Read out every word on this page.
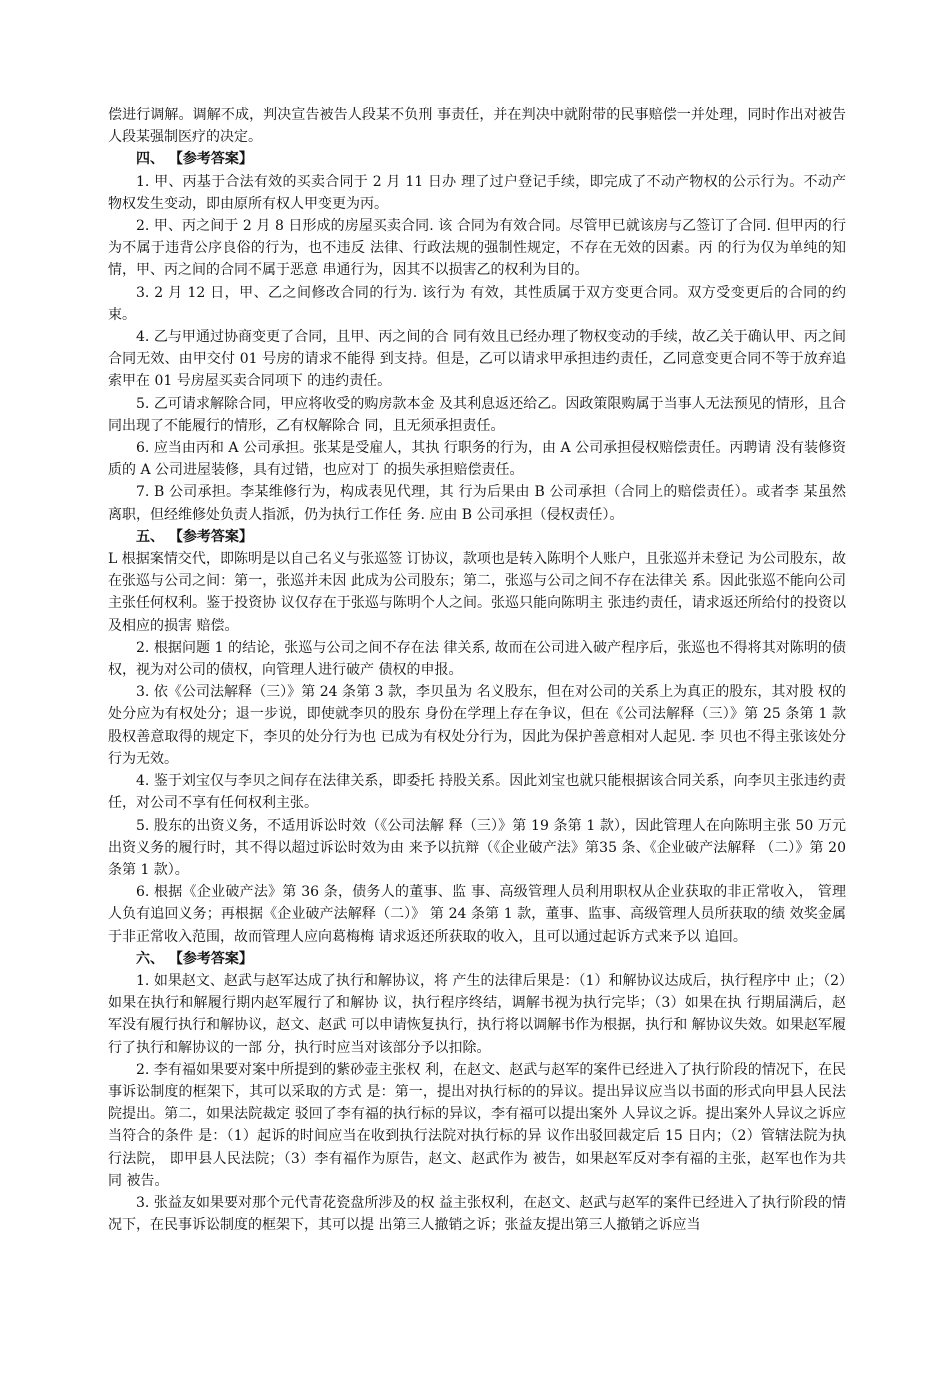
偿进行调解。调解不成，判决宣告被告人段某不负刑 事责任，并在判决中就附带的民事赔偿一并处理，同时作出对被告人段某强制医疗的决定。

四、 【参考答案】

1. 甲、丙基于合法有效的买卖合同于 2 月 11 日办 理了过户登记手续，即完成了不动产物权的公示行为。不动产物权发生变动，即由原所有权人甲变更为丙。

2. 甲、丙之间于 2 月 8 日形成的房屋买卖合同. 该 合同为有效合同。尽管甲已就该房与乙签订了合同. 但甲丙的行为不属于违背公序良俗的行为，也不违反 法律、行政法规的强制性规定，不存在无效的因素。丙 的行为仅为单纯的知情，甲、丙之间的合同不属于恶意 串通行为，因其不以损害乙的权利为目的。

3. 2 月 12 日，甲、乙之间修改合同的行为. 该行为 有效，其性质属于双方变更合同。双方受变更后的合同的约束。

4. 乙与甲通过协商变更了合同，且甲、丙之间的合 同有效且已经办理了物权变动的手续，故乙关于确认甲、丙之间合同无效、由甲交付 01 号房的请求不能得 到支持。但是，乙可以请求甲承担违约责任，乙同意变更合同不等于放弃追索甲在 01 号房屋买卖合同项下 的违约责任。

5. 乙可请求解除合同，甲应将收受的购房款本金 及其利息返还给乙。因政策限购属于当事人无法预见的情形，且合同出现了不能履行的情形，乙有权解除合 同，且无须承担责任。

6. 应当由丙和 A 公司承担。张某是受雇人，其执 行职务的行为，由 A 公司承担侵权赔偿责任。丙聘请 没有装修资质的 A 公司进屋装修，具有过错，也应对丁 的损失承担赔偿责任。

7. B 公司承担。李某维修行为，构成表见代理，其 行为后果由 B 公司承担（合同上的赔偿责任）。或者李 某虽然离职，但经维修处负责人指派，仍为执行工作任 务. 应由 B 公司承担（侵权责任）。

五、 【参考答案】

L 根据案情交代，即陈明是以自己名义与张巡签 订协议，款项也是转入陈明个人账户，且张巡并未登记 为公司股东，故在张巡与公司之间：第一，张巡并未因 此成为公司股东；第二，张巡与公司之间不存在法律关 系。因此张巡不能向公司主张任何权利。鉴于投资协 议仅存在于张巡与陈明个人之间。张巡只能向陈明主 张违约责任，请求返还所给付的投资以及相应的损害 赔偿。

2. 根据问题 1 的结论，张巡与公司之间不存在法 律关系, 故而在公司进入破产程序后，张巡也不得将其对陈明的债权，视为对公司的债权，向管理人进行破产 债权的申报。

3. 依《公司法解释（三）》第 24 条第 3 款，李贝虽为 名义股东，但在对公司的关系上为真正的股东，其对股 权的处分应为有权处分；退一步说，即使就李贝的股东 身份在学理上存在争议，但在《公司法解释（三）》第 25 条第 1 款股权善意取得的规定下，李贝的处分行为也 已成为有权处分行为，因此为保护善意相对人起见. 李 贝也不得主张该处分行为无效。

4. 鉴于刘宝仅与李贝之间存在法律关系，即委托 持股关系。因此刘宝也就只能根据该合同关系，向李贝主张违约责任，对公司不享有任何权利主张。

5. 股东的出资义务，不适用诉讼时效（《公司法解 释（三）》第 19 条第 1 款），因此管理人在向陈明主张 50 万元出资义务的履行时，其不得以超过诉讼时效为由 来予以抗辩（《企业破产法》第35 条、《企业破产法解释 （二）》第 20 条第 1 款）。

6. 根据《企业破产法》第 36 条，债务人的董事、监 事、高级管理人员利用职权从企业获取的非正常收入， 管理人负有追回义务；再根据《企业破产法解释（二）》 第 24 条第 1 款，董事、监事、高级管理人员所获取的绩 效奖金属于非正常收入范围，故而管理人应向葛梅梅 请求返还所获取的收入，且可以通过起诉方式来予以 追回。

六、 【参考答案】

1. 如果赵文、赵武与赵军达成了执行和解协议，将 产生的法律后果是：（1）和解协议达成后，执行程序中 止；（2）如果在执行和解履行期内赵军履行了和解协 议，执行程序终结，调解书视为执行完毕；（3）如果在执 行期届满后，赵军没有履行执行和解协议，赵文、赵武 可以申请恢复执行，执行将以调解书作为根据，执行和 解协议失效。如果赵军履行了执行和解协议的一部 分，执行时应当对该部分予以扣除。

2. 李有福如果要对案中所提到的紫砂壶主张权 利，在赵文、赵武与赵军的案件已经进入了执行阶段的情况下，在民事诉讼制度的框架下，其可以采取的方式 是：第一，提出对执行标的的异议。提出异议应当以书面的形式向甲县人民法院提出。第二，如果法院裁定 驳回了李有福的执行标的异议，李有福可以提出案外 人异议之诉。提出案外人异议之诉应当符合的条件 是：（1）起诉的时间应当在收到执行法院对执行标的异 议作出驳回裁定后 15 日内；（2）管辖法院为执行法院， 即甲县人民法院；（3）李有福作为原告，赵文、赵武作为 被告，如果赵军反对李有福的主张，赵军也作为共同 被告。

3. 张益友如果要对那个元代青花瓷盘所涉及的权 益主张权利，在赵文、赵武与赵军的案件已经进入了执行阶段的情况下，在民事诉讼制度的框架下，其可以提 出第三人撤销之诉；张益友提出第三人撤销之诉应当
